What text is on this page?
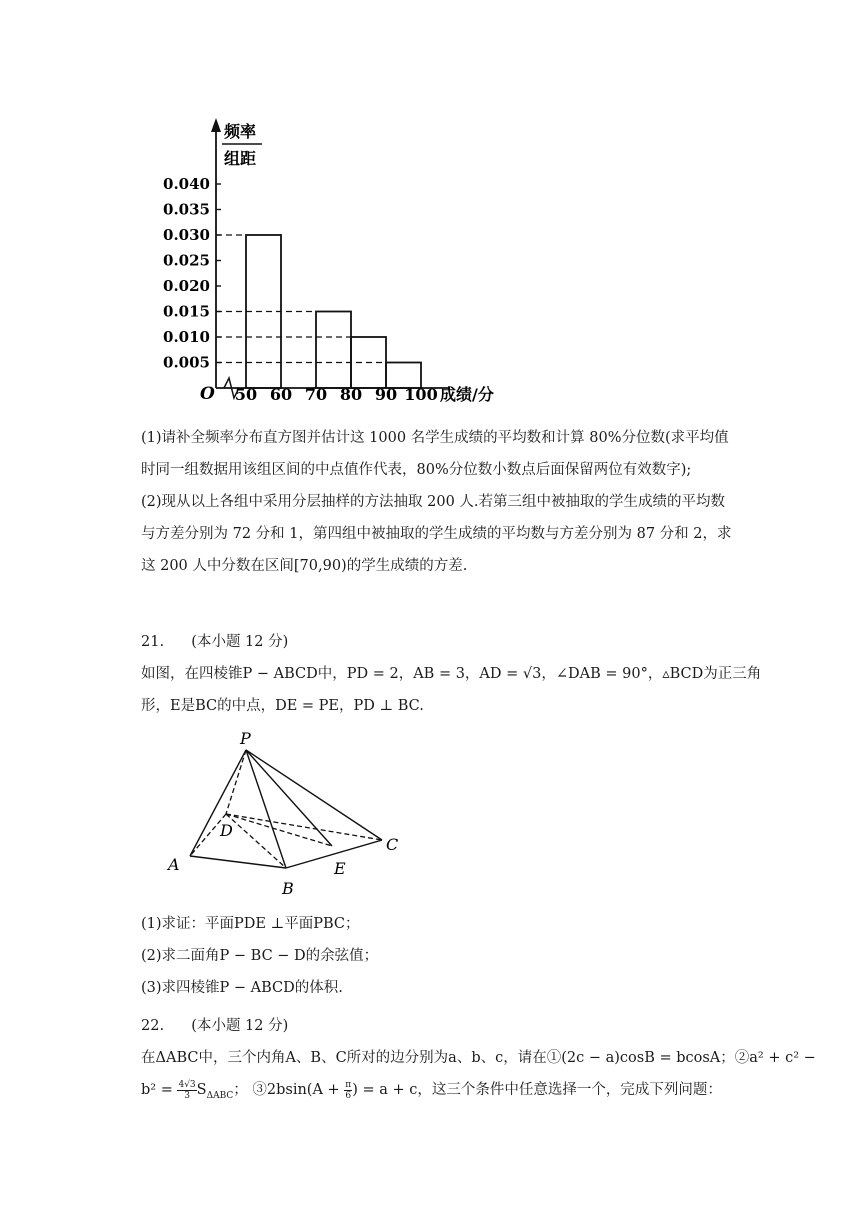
频率
组距
O	成绩/分
0.040
0.035
0.030
0.025
0.020
0.015
0.010
0.005
50 60 70 80 90 100
(1)请补全频率分布直方图并估计这 1000 名学生成绩的平均数和计算 80%分位数(求平均值
时同一组数据用该组区间的中点值作代表，80%分位数小数点后面保留两位有效数字);
(2)现从以上各组中采用分层抽样的方法抽取 200 人.若第三组中被抽取的学生成绩的平均数
与方差分别为 72 分和 1，第四组中被抽取的学生成绩的平均数与方差分别为 87 分和 2，求
这 200 人中分数在区间[70,90)的学生成绩的方差.
21. (本小题 12 分)
如图，在四棱锥P − ABCD中，PD = 2，AB = 3，AD = √3，∠DAB = 90°，▵BCD为正三角
形，E是BC的中点，DE = PE，PD ⊥ BC.
P
D
A
B
E
C
(1)求证：平面PDE ⊥平面PBC；
(2)求二面角P − BC − D的余弦值；
(3)求四棱锥P − ABCD的体积.
22. (本小题 12 分)
在ΔABC中，三个内角A、B、C所对的边分别为a、b、c，请在①(2c − a)cosB = bcosA；②a² + c² −
$b^2 = \frac{4√3}{3} S_{\Delta ABC}$； ③2bsin(A + $\frac{\pi}{6}$ ) = a + c，这三个条件中任意选择一个，完成下列问题：
